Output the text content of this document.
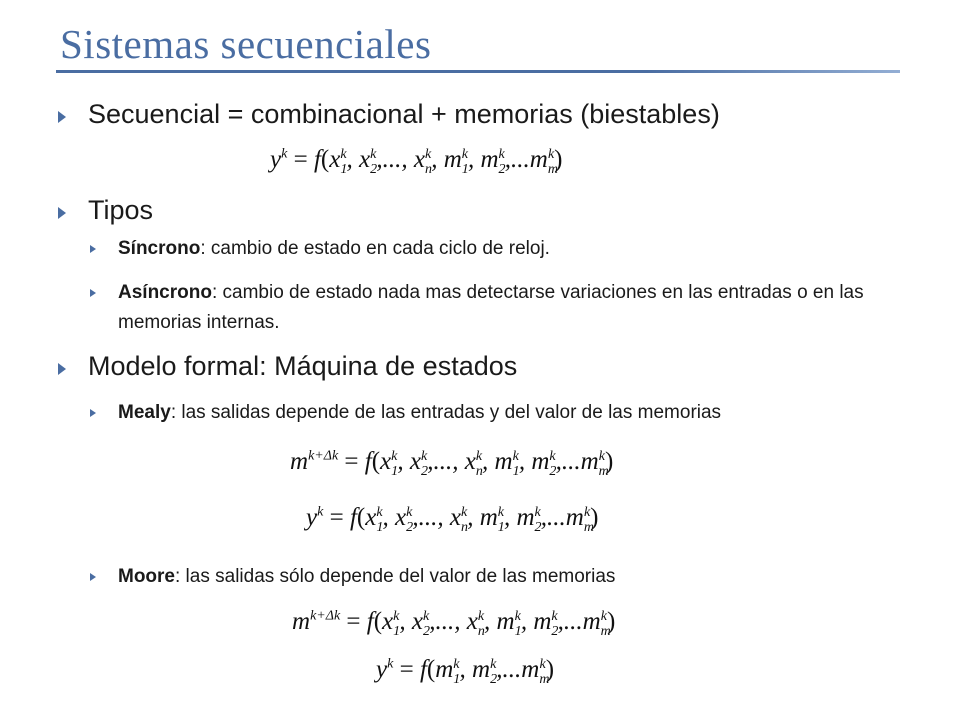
Sistemas secuenciales
Secuencial = combinacional + memorias (biestables)
$y^k = f(x_1^k$, $x_2^k$,..., $x_n^k$, $m_1^k$, $m_2^k,...m_m^k$)
Tipos
Síncrono: cambio de estado en cada ciclo de reloj.
Asíncrono: cambio de estado nada mas detectarse variaciones en las entradas o en las memorias internas.
Modelo formal: Máquina de estados
Mealy: las salidas depende de las entradas y del valor de las memorias
$m^{k+\Delta k} = f(x_1^k$, $x_2^k$,..., $x_n^k$, $m_1^k$, $m_2^k,...m_m^k$)
$y^k = f(x_1^k$, $x_2^k$,..., $x_n^k$, $m_1^k$, $m_2^k,...m_m^k$)
Moore: las salidas sólo depende del valor de las memorias
$m^{k+\Delta k} = f(x_1^k$, $x_2^k$,..., $x_n^k$, $m_1^k$, $m_2^k,...m_m^k$)
$y^k = f(m_1^k$, $m_2^k,...m_m^k$)
